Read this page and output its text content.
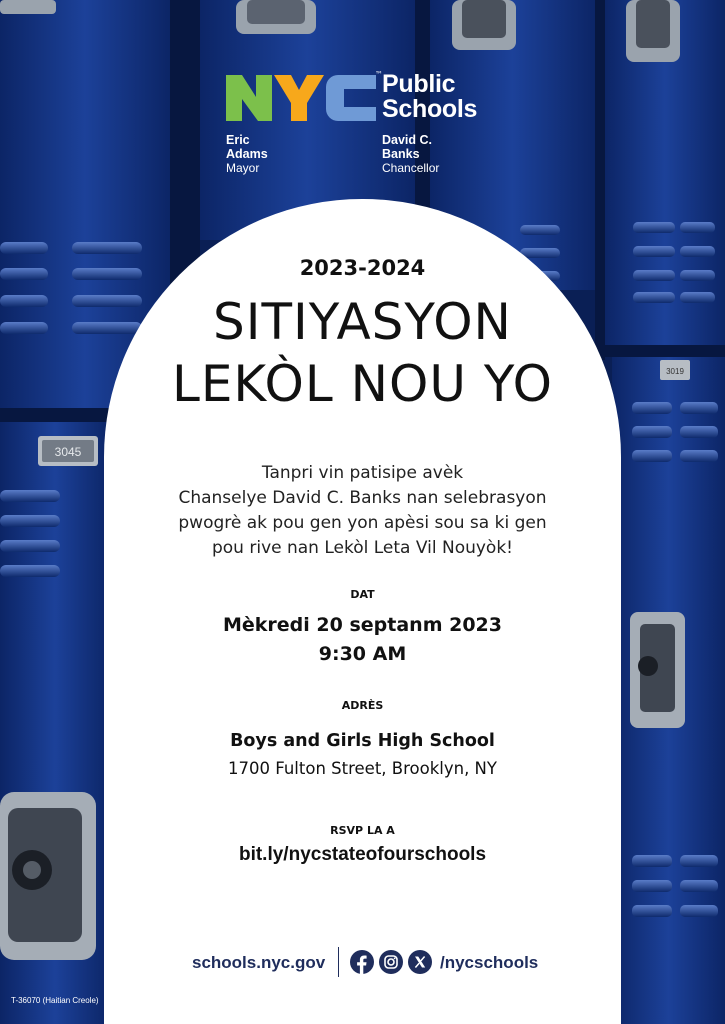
3045
3019
™ Public
Schools
Eric Adams
Mayor
David C. Banks
Chancellor
2023-2024
SITIYASYON
LEKÒL NOU YO
Tanpri vin patisipe avèk
Chanselye David C. Banks nan selebrasyon
pwogrè ak pou gen yon apèsi sou sa ki gen
pou rive nan Lekòl Leta Vil Nouyòk!
DAT
Mèkredi 20 septanm 2023
9:30 AM
ADRÈS
Boys and Girls High School
1700 Fulton Street, Brooklyn, NY
RSVP LA A
bit.ly/nycstateofourschools
schools.nyc.gov	/nycschools
T-36070 (Haitian Creole)
